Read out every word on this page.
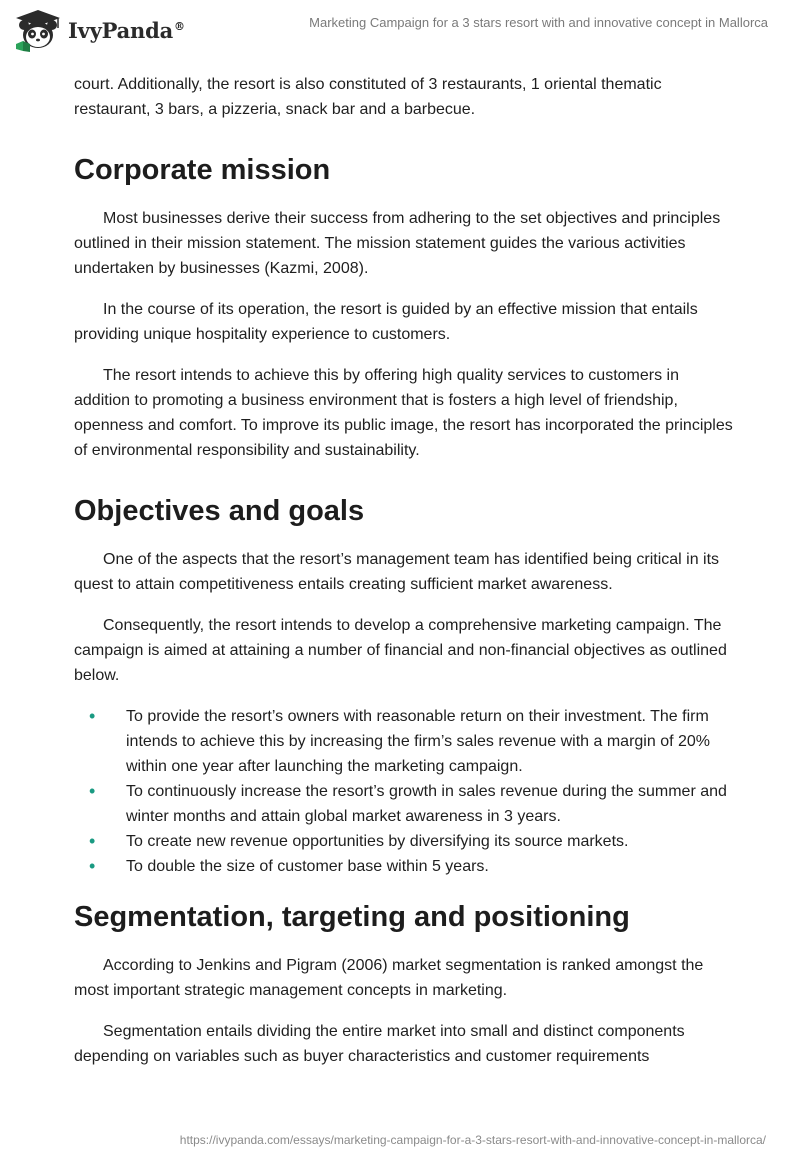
IvyPanda®	Marketing Campaign for a 3 stars resort with and innovative concept in Mallorca

court. Additionally, the resort is also constituted of 3 restaurants, 1 oriental thematic restaurant, 3 bars, a pizzeria, snack bar and a barbecue.

Corporate mission

Most businesses derive their success from adhering to the set objectives and principles outlined in their mission statement. The mission statement guides the various activities undertaken by businesses (Kazmi, 2008).

In the course of its operation, the resort is guided by an effective mission that entails providing unique hospitality experience to customers.

The resort intends to achieve this by offering high quality services to customers in addition to promoting a business environment that is fosters a high level of friendship, openness and comfort. To improve its public image, the resort has incorporated the principles of environmental responsibility and sustainability.

Objectives and goals

One of the aspects that the resort’s management team has identified being critical in its quest to attain competitiveness entails creating sufficient market awareness.

Consequently, the resort intends to develop a comprehensive marketing campaign. The campaign is aimed at attaining a number of financial and non-financial objectives as outlined below.

• To provide the resort’s owners with reasonable return on their investment. The firm intends to achieve this by increasing the firm’s sales revenue with a margin of 20% within one year after launching the marketing campaign.
• To continuously increase the resort’s growth in sales revenue during the summer and winter months and attain global market awareness in 3 years.
• To create new revenue opportunities by diversifying its source markets.
• To double the size of customer base within 5 years.
Segmentation, targeting and positioning

According to Jenkins and Pigram (2006) market segmentation is ranked amongst the most important strategic management concepts in marketing.

Segmentation entails dividing the entire market into small and distinct components depending on variables such as buyer characteristics and customer requirements

https://ivypanda.com/essays/marketing-campaign-for-a-3-stars-resort-with-and-innovative-concept-in-mallorca/
